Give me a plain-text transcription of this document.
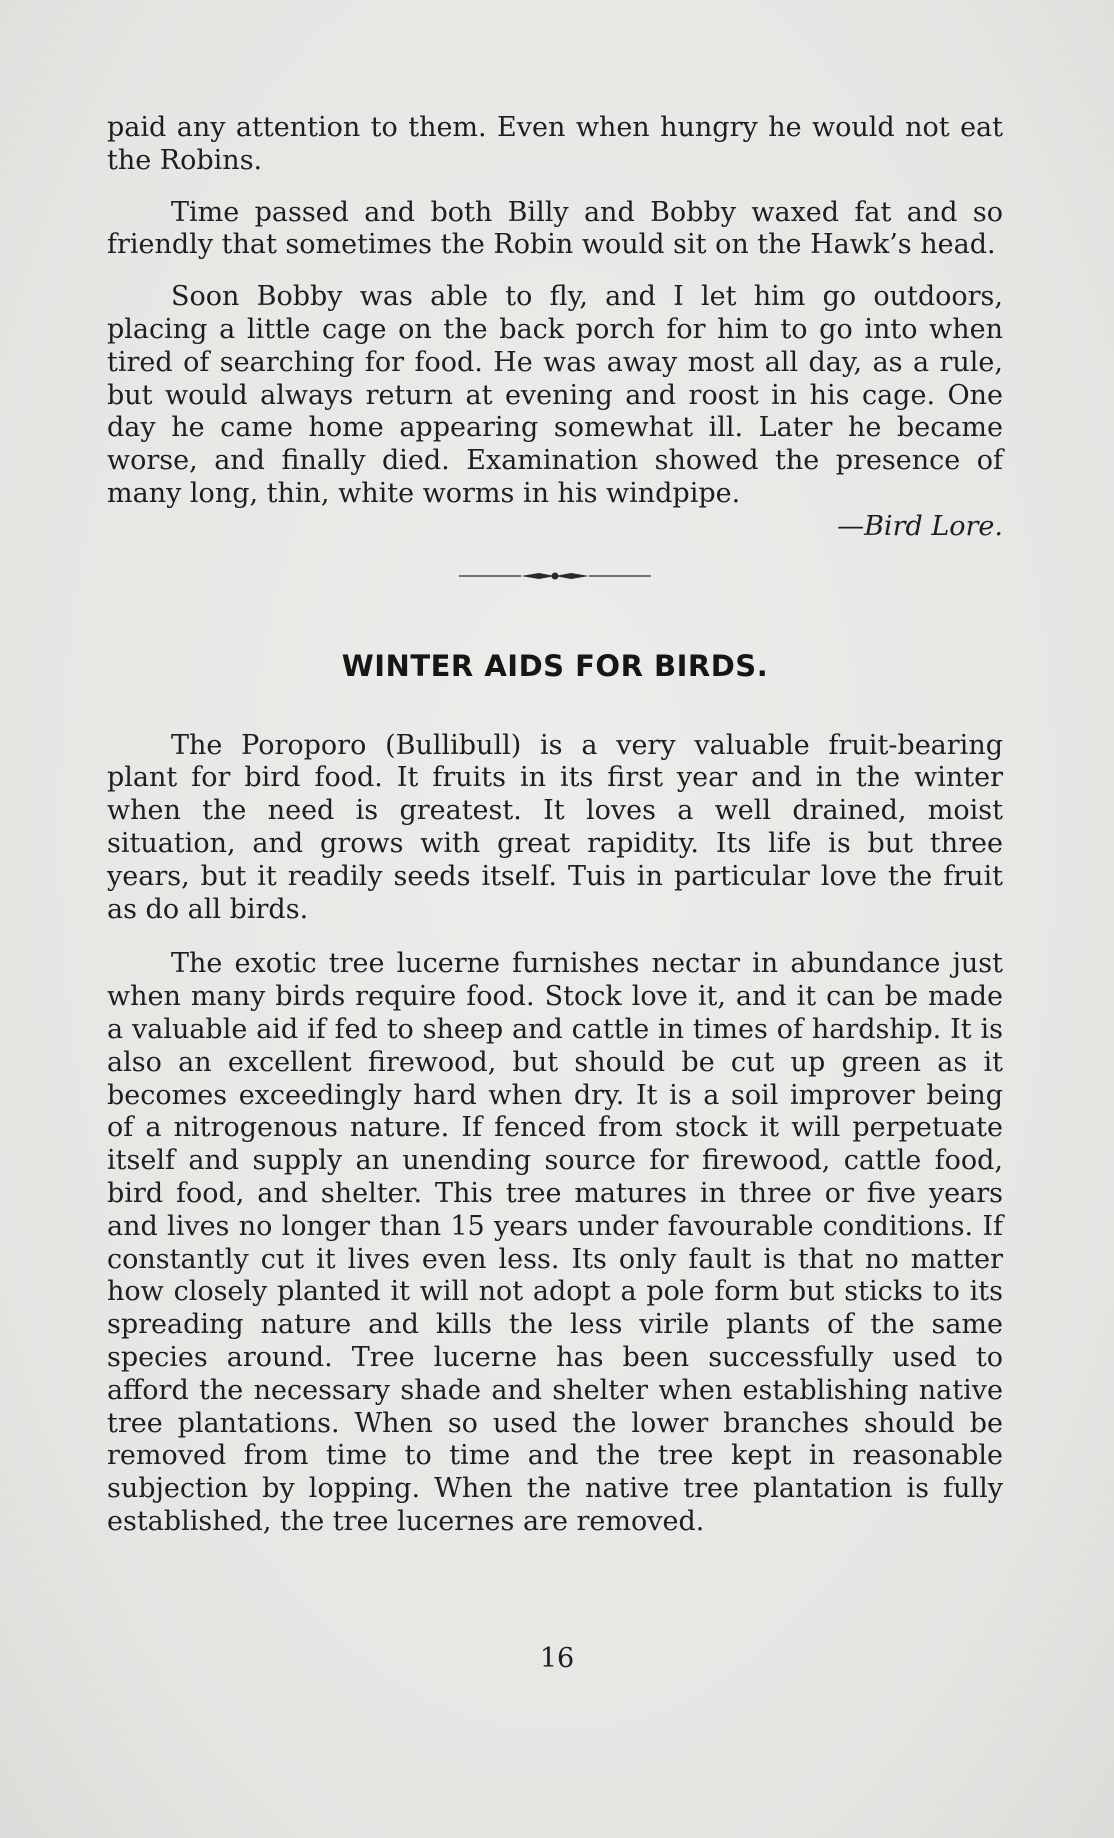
paid any attention to them. Even when hungry he would not eat the Robins.

Time passed and both Billy and Bobby waxed fat and so friendly that sometimes the Robin would sit on the Hawk’s head.

Soon Bobby was able to fly, and I let him go outdoors, placing a little cage on the back porch for him to go into when tired of searching for food. He was away most all day, as a rule, but would always return at evening and roost in his cage. One day he came home appearing somewhat ill. Later he became worse, and finally died. Examination showed the presence of many long, thin, white worms in his windpipe.

—Bird Lore.

WINTER AIDS FOR BIRDS.

The Poroporo (Bullibull) is a very valuable fruit-bearing plant for bird food. It fruits in its first year and in the winter when the need is greatest. It loves a well drained, moist situation, and grows with great rapidity. Its life is but three years, but it readily seeds itself. Tuis in particular love the fruit as do all birds.

The exotic tree lucerne furnishes nectar in abundance just when many birds require food. Stock love it, and it can be made a valuable aid if fed to sheep and cattle in times of hardship. It is also an excellent firewood, but should be cut up green as it becomes exceedingly hard when dry. It is a soil improver being of a nitrogenous nature. If fenced from stock it will perpetuate itself and supply an unending source for firewood, cattle food, bird food, and shelter. This tree matures in three or five years and lives no longer than 15 years under favourable conditions. If constantly cut it lives even less. Its only fault is that no matter how closely planted it will not adopt a pole form but sticks to its spreading nature and kills the less virile plants of the same species around. Tree lucerne has been successfully used to afford the necessary shade and shelter when establishing native tree plantations. When so used the lower branches should be removed from time to time and the tree kept in reasonable subjection by lopping. When the native tree plantation is fully established, the tree lucernes are removed.

16
